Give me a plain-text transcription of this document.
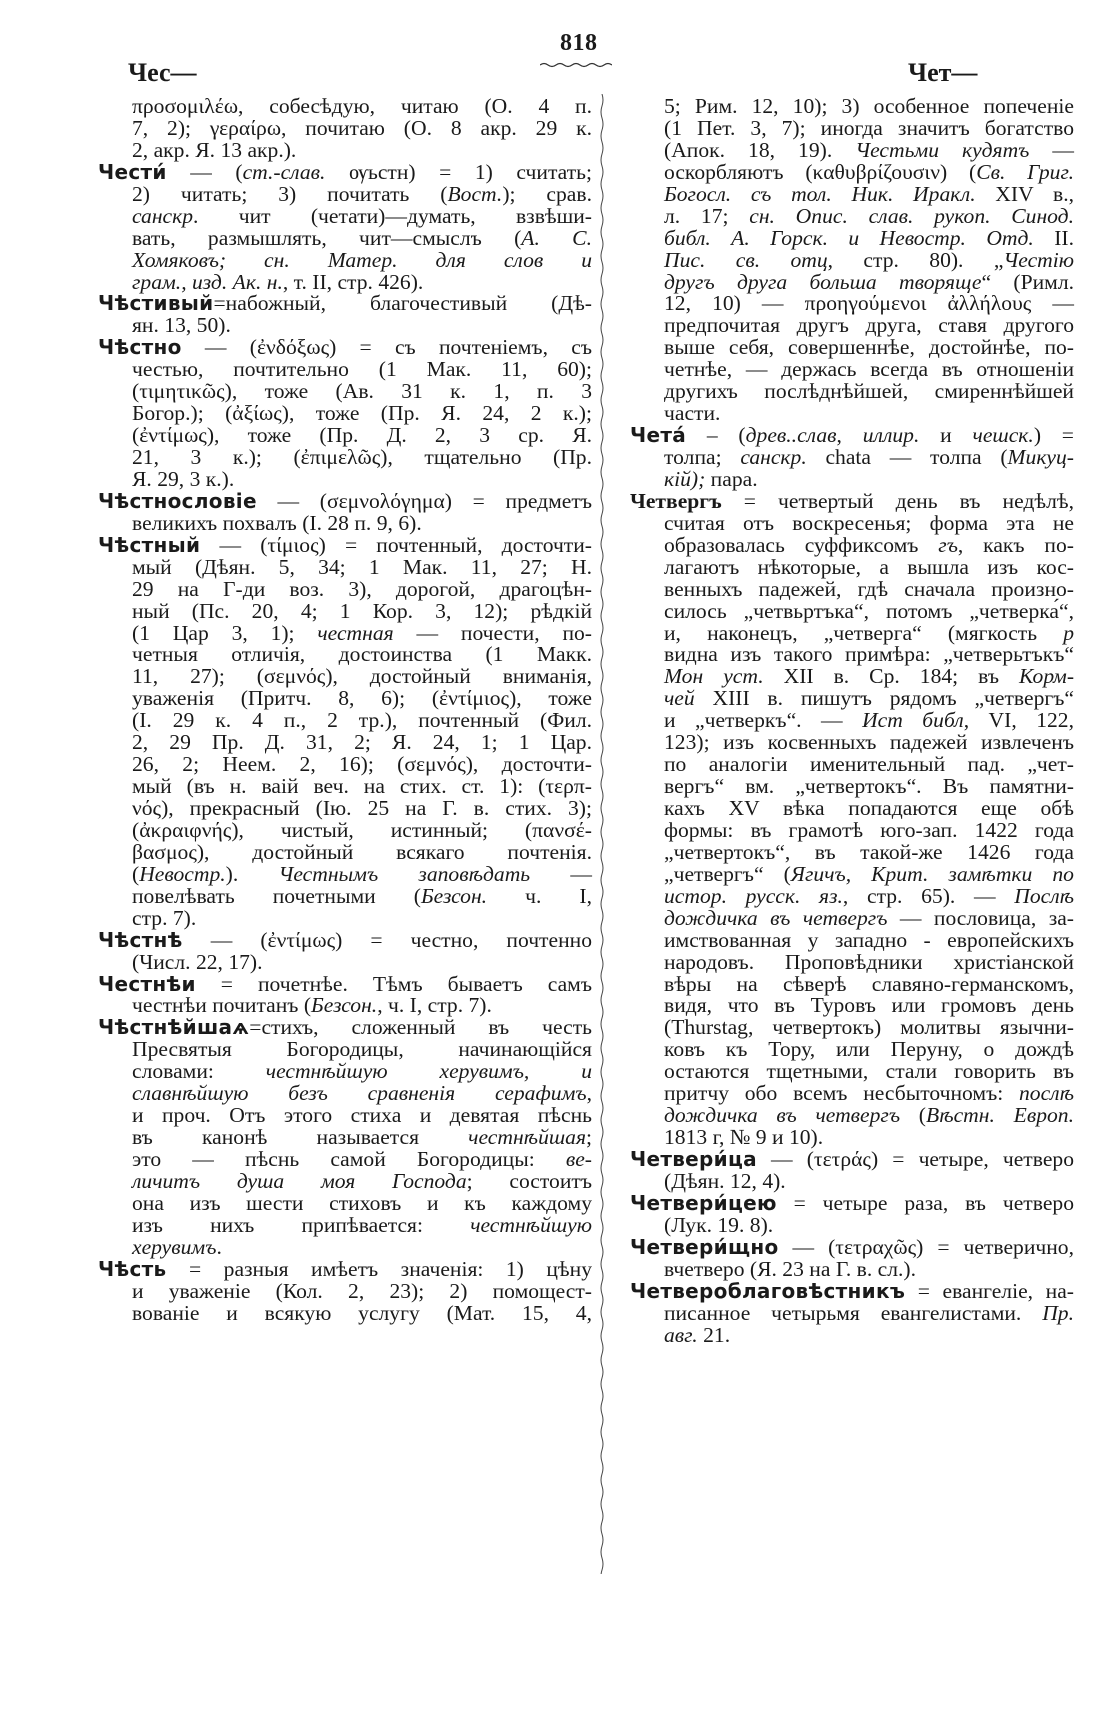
Чес—
818
Чет—
προσομιλέω, собесѣдую, читаю (О. 4 п.
7, 2); γεραίρω, почитаю (О. 8 акр. 29 к.
2, акр. Я. 13 акр.).
Чести́ — (ст.-слав. ѹьстн) = 1) считать;
2) читать; 3) почитать (Вост.); срав.
санскр. чит (четати)—думать, взвѣши-
вать, размышлять, чит—смыслъ (А. С.
Хомяковъ; сн. Матер. для слов и
грам., изд. Ак. н., т. II, стр. 426).
Чѣстивый=набожный, благочестивый (Дѣ-
ян. 13, 50).
Чѣстно — (ἐνδόξως) = съ почтеніемъ, съ
честью, почтительно (1 Мак. 11, 60);
(τιμητικῶς), тоже (Ав. 31 к. 1, п. 3
Богор.); (ἀξίως), тоже (Пр. Я. 24, 2 к.);
(ἐντίμως), тоже (Пр. Д. 2, 3 ср. Я.
21, 3 к.); (ἐπιμελῶς), тщательно (Пр.
Я. 29, 3 к.).
Чѣстнословіе — (σεμνολόγημα) = предметъ
великихъ похвалъ (І. 28 п. 9, 6).
Чѣстный — (τίμιος) = почтенный, досточти-
мый (Дѣян. 5, 34; 1 Мак. 11, 27; Н.
29 на Г-ди воз. 3), дорогой, драгоцѣн-
ный (Пс. 20, 4; 1 Кор. 3, 12); рѣдкій
(1 Цар 3, 1); честная — почести, по-
четныя отличія, достоинства (1 Макк.
11, 27); (σεμνός), достойный вниманія,
уваженія (Притч. 8, 6); (ἐντίμιος), тоже
(І. 29 к. 4 п., 2 тр.), почтенный (Фил.
2, 29 Пр. Д. 31, 2; Я. 24, 1; 1 Цар.
26, 2; Неем. 2, 16); (σεμνός), досточти-
мый (въ н. ваій веч. на стих. ст. 1): (τερπ-
νός), прекрасный (Ію. 25 на Г. в. стих. 3);
(ἀκραιφνής), чистый, истинный; (πανσέ-
βασμος), достойный всякаго почтенія.
(Невостр.). Честнымъ заповѣдать —
повелѣвать почетными (Безсон. ч. I,
стр. 7).
Чѣстнѣ — (ἐντίμως) = честно, почтенно
(Числ. 22, 17).
Честнѣи = почетнѣе. Тѣмъ бываетъ самъ
честнѣи почитанъ (Безсон., ч. I, стр. 7).
Чѣстнѣйшаѧ=стихъ, сложенный въ честь
Пресвятыя Богородицы, начинающійся
словами: честнѣйшую херувимъ, и
славнѣйшую безъ сравненія серафимъ,
и проч. Отъ этого стиха и девятая пѣснь
въ канонѣ называется честнѣйшая;
это — пѣснь самой Богородицы: ве-
личитъ душа моя Господа; состоитъ
она изъ шести стиховъ и къ каждому
изъ нихъ припѣвается: честнѣйшую
херувимъ.
Чѣсть = разныя имѣетъ значенія: 1) цѣну
и уваженіе (Кол. 2, 23); 2) помощест-
вованіе и всякую услугу (Мат. 15, 4,
5; Рим. 12, 10); 3) особенное попеченіе
(1 Пет. 3, 7); иногда значитъ богатство
(Апок. 18, 19). Честьми кудятъ —
оскорбляютъ (καθυβρίζουσιν) (Св. Григ.
Богосл. съ тол. Ник. Иракл. XIV в.,
л. 17; сн. Опис. слав. рукоп. Синод.
библ. А. Горск. и Невостр. Отд. II.
Пис. св. отц, стр. 80). „Честію
другъ друга больша творяще“ (Римл.
12, 10) — προηγούμενοι ἀλλήλους —
предпочитая другъ друга, ставя другого
выше себя, совершеннѣе, достойнѣе, по-
четнѣе, — держась всегда въ отношеніи
другихъ послѣднѣйшей, смиреннѣйшей
части.
Чета́ – (древ..слав, иллир. и чешск.) =
толпа; санскр. chata — толпа (Микуц-
кій); пара.
Четвергъ = четвертый день въ недѣлѣ,
считая отъ воскресенья; форма эта не
образовалась суффиксомъ гъ, какъ по-
лагаютъ нѣкоторые, а вышла изъ кос-
венныхъ падежей, гдѣ сначала произно-
силось „четвьртъка“, потомъ „четверка́“,
и, наконецъ, „четверга“ (мягкость р
видна изъ такого примѣра: „четверьтъкъ“
Мон уст. XII в. Ср. 184; въ Корм-
чей XIII в. пишутъ рядомъ „четвергъ“
и „четверкъ“. — Ист библ, VI, 122,
123); изъ косвенныхъ падежей извлеченъ
по аналогіи именительный пад. „чет-
вергъ“ вм. „четвертокъ“. Въ памятни-
кахъ XV вѣка попадаются еще обѣ
формы: въ грамотѣ юго-зап. 1422 года
„четвертокъ“, въ такой-же 1426 года
„четвергъ“ (Ягичъ, Крит. замѣтки по
истор. русск. яз., стр. 65). — Послѣ
дождичка въ четвергъ — пословица, за-
имствованная у западно - европейскихъ
народовъ. Проповѣдники христіанской
вѣры на сѣверѣ славяно-германскомъ,
видя, что въ Туровъ или громовъ день
(Thurstag, четвертокъ) молитвы язычни-
ковъ къ Тору, или Перуну, о дождѣ
остаются тщетными, стали говорить въ
притчу обо всемъ несбыточномъ: послѣ
дождичка въ четвергъ (Вѣстн. Европ.
1813 г, № 9 и 10).
Четвери́ца — (τετράς) = четыре, четверо
(Дѣян. 12, 4).
Четвери́цею = четыре раза, въ четверо
(Лук. 19. 8).
Четвери́щно — (τετραχῶς) = четверично,
вчетверо (Я. 23 на Г. в. сл.).
Четверοблаговѣстникъ = евангеліе, на-
писанное четырьмя евангелистами. Пр.
авг. 21.
